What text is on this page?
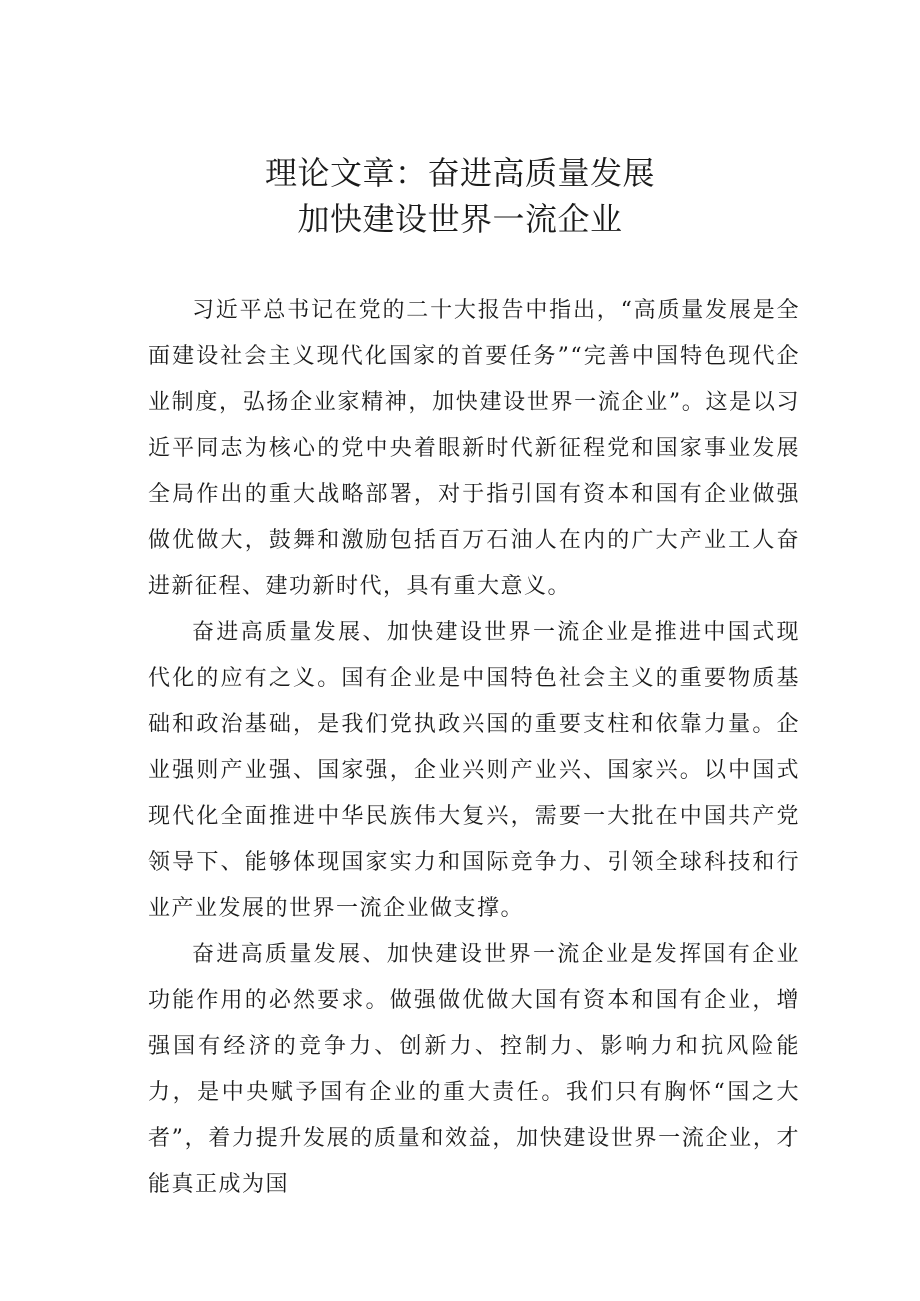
理论文章：奋进高质量发展
加快建设世界一流企业

习近平总书记在党的二十大报告中指出，“高质量发展是全面建设社会主义现代化国家的首要任务”“完善中国特色现代企业制度，弘扬企业家精神，加快建设世界一流企业”。这是以习近平同志为核心的党中央着眼新时代新征程党和国家事业发展全局作出的重大战略部署，对于指引国有资本和国有企业做强做优做大，鼓舞和激励包括百万石油人在内的广大产业工人奋进新征程、建功新时代，具有重大意义。

奋进高质量发展、加快建设世界一流企业是推进中国式现代化的应有之义。国有企业是中国特色社会主义的重要物质基础和政治基础，是我们党执政兴国的重要支柱和依靠力量。企业强则产业强、国家强，企业兴则产业兴、国家兴。以中国式现代化全面推进中华民族伟大复兴，需要一大批在中国共产党领导下、能够体现国家实力和国际竞争力、引领全球科技和行业产业发展的世界一流企业做支撑。

奋进高质量发展、加快建设世界一流企业是发挥国有企业功能作用的必然要求。做强做优做大国有资本和国有企业，增强国有经济的竞争力、创新力、控制力、影响力和抗风险能力，是中央赋予国有企业的重大责任。我们只有胸怀“国之大者”，着力提升发展的质量和效益，加快建设世界一流企业，才能真正成为国
